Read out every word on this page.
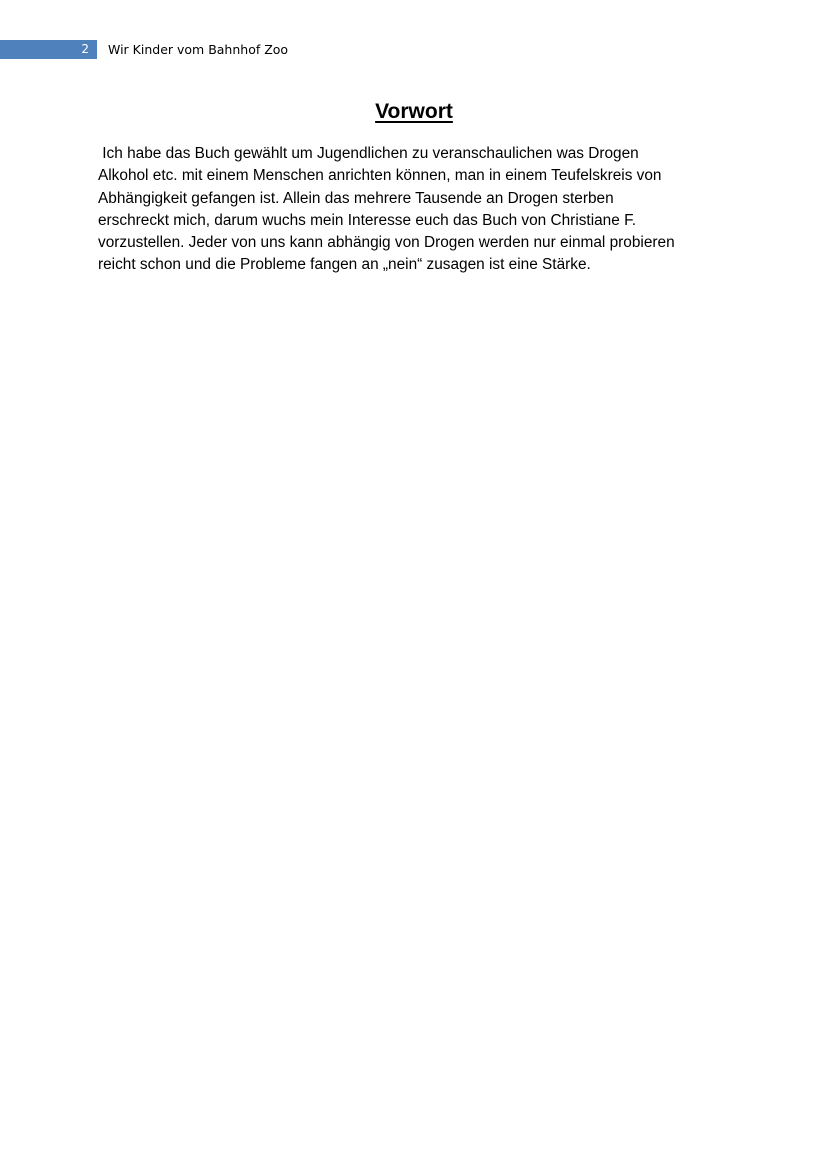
2 Wir Kinder vom Bahnhof Zoo
Vorwort
Ich habe das Buch gewählt um Jugendlichen zu veranschaulichen was Drogen
Alkohol etc. mit einem Menschen anrichten können, man in einem Teufelskreis von
Abhängigkeit gefangen ist. Allein das mehrere Tausende an Drogen sterben
erschreckt mich, darum wuchs mein Interesse euch das Buch von Christiane F.
vorzustellen. Jeder von uns kann abhängig von Drogen werden nur einmal probieren
reicht schon und die Probleme fangen an „nein“ zusagen ist eine Stärke.
